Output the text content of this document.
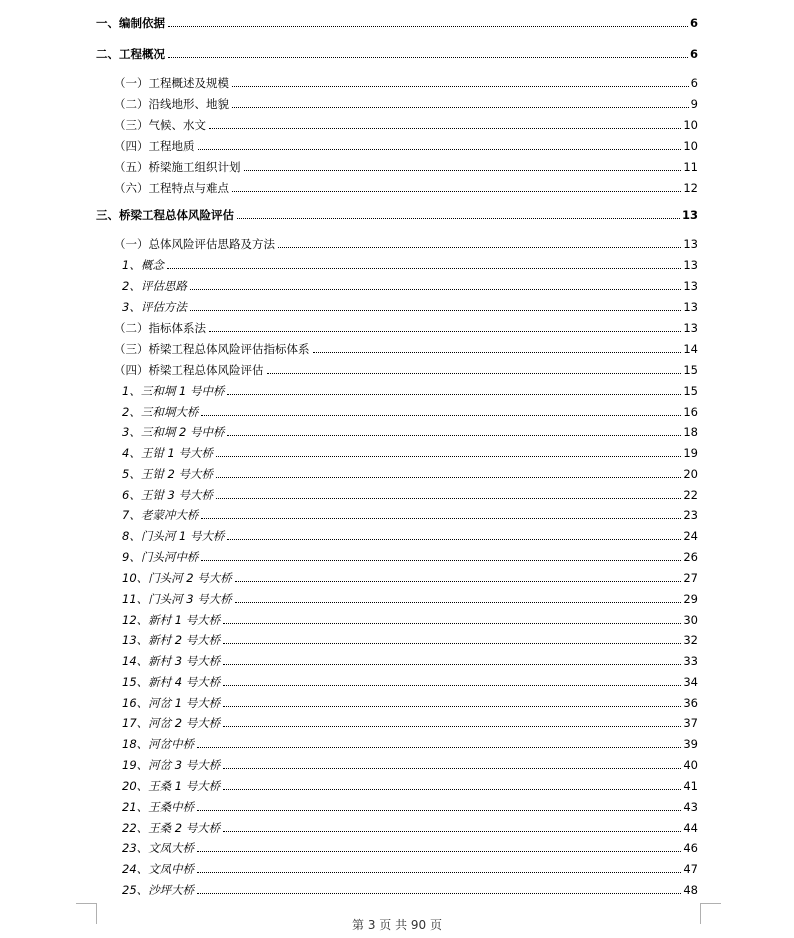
一、编制依据	6
二、工程概况	6
（一）工程概述及规模	6
（二）沿线地形、地貌	9
（三）气候、水文	10
（四）工程地质	10
（五）桥梁施工组织计划	11
（六）工程特点与难点	12
三、桥梁工程总体风险评估	13
（一）总体风险评估思路及方法	13
1、概念	13
2、评估思路	13
3、评估方法	13
（二）指标体系法	13
（三）桥梁工程总体风险评估指标体系	14
（四）桥梁工程总体风险评估	15
1、三和垌 1 号中桥	15
2、三和垌大桥	16
3、三和垌 2 号中桥	18
4、王钳 1 号大桥	19
5、王钳 2 号大桥	20
6、王钳 3 号大桥	22
7、老蒙冲大桥	23
8、门头河 1 号大桥	24
9、门头河中桥	26
10、门头河 2 号大桥	27
11、门头河 3 号大桥	29
12、新村 1 号大桥	30
13、新村 2 号大桥	32
14、新村 3 号大桥	33
15、新村 4 号大桥	34
16、河岔 1 号大桥	36
17、河岔 2 号大桥	37
18、河岔中桥	39
19、河岔 3 号大桥	40
20、王桑 1 号大桥	41
21、王桑中桥	43
22、王桑 2 号大桥	44
23、文凤大桥	46
24、文凤中桥	47
25、沙坪大桥	48
第 3 页 共 90 页
